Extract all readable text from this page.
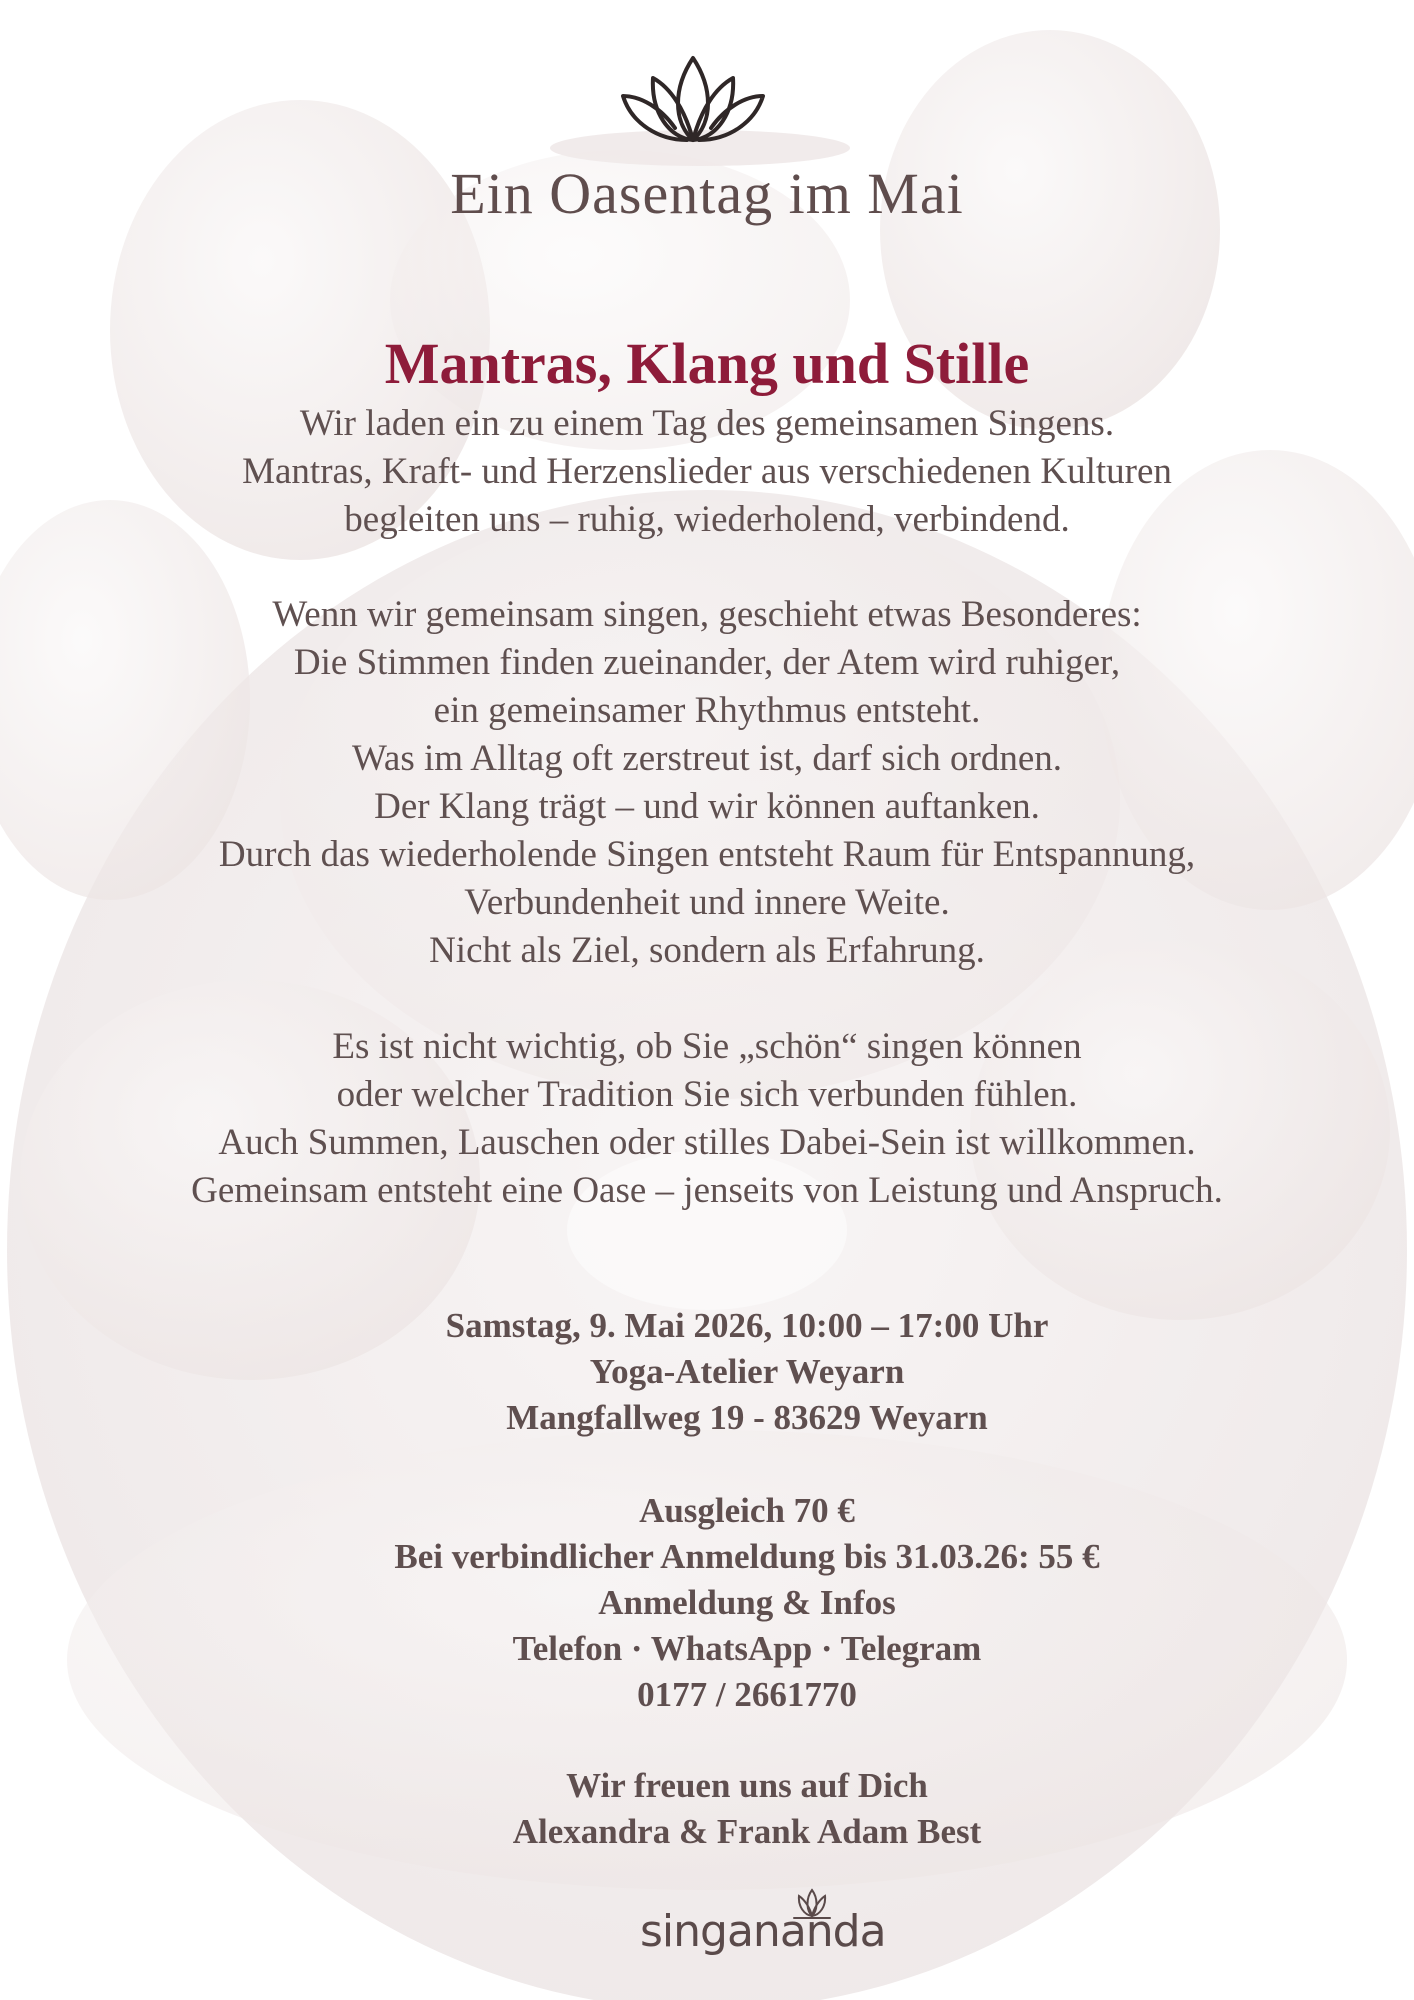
Ein Oasentag im Mai
Mantras, Klang und Stille
Wir laden ein zu einem Tag des gemeinsamen Singens.
Mantras, Kraft- und Herzenslieder aus verschiedenen Kulturen
begleiten uns – ruhig, wiederholend, verbindend.
Wenn wir gemeinsam singen, geschieht etwas Besonderes:
Die Stimmen finden zueinander, der Atem wird ruhiger,
ein gemeinsamer Rhythmus entsteht.
Was im Alltag oft zerstreut ist, darf sich ordnen.
Der Klang trägt – und wir können auftanken.
Durch das wiederholende Singen entsteht Raum für Entspannung,
Verbundenheit und innere Weite.
Nicht als Ziel, sondern als Erfahrung.
Es ist nicht wichtig, ob Sie „schön“ singen können
oder welcher Tradition Sie sich verbunden fühlen.
Auch Summen, Lauschen oder stilles Dabei-Sein ist willkommen.
Gemeinsam entsteht eine Oase – jenseits von Leistung und Anspruch.
Samstag, 9. Mai 2026, 10:00 – 17:00 Uhr
Yoga-Atelier Weyarn
Mangfallweg 19 - 83629 Weyarn
Ausgleich 70 €
Bei verbindlicher Anmeldung bis 31.03.26: 55 €
Anmeldung & Infos
Telefon · WhatsApp · Telegram
0177 / 2661770
Wir freuen uns auf Dich
Alexandra & Frank Adam Best
singananda
